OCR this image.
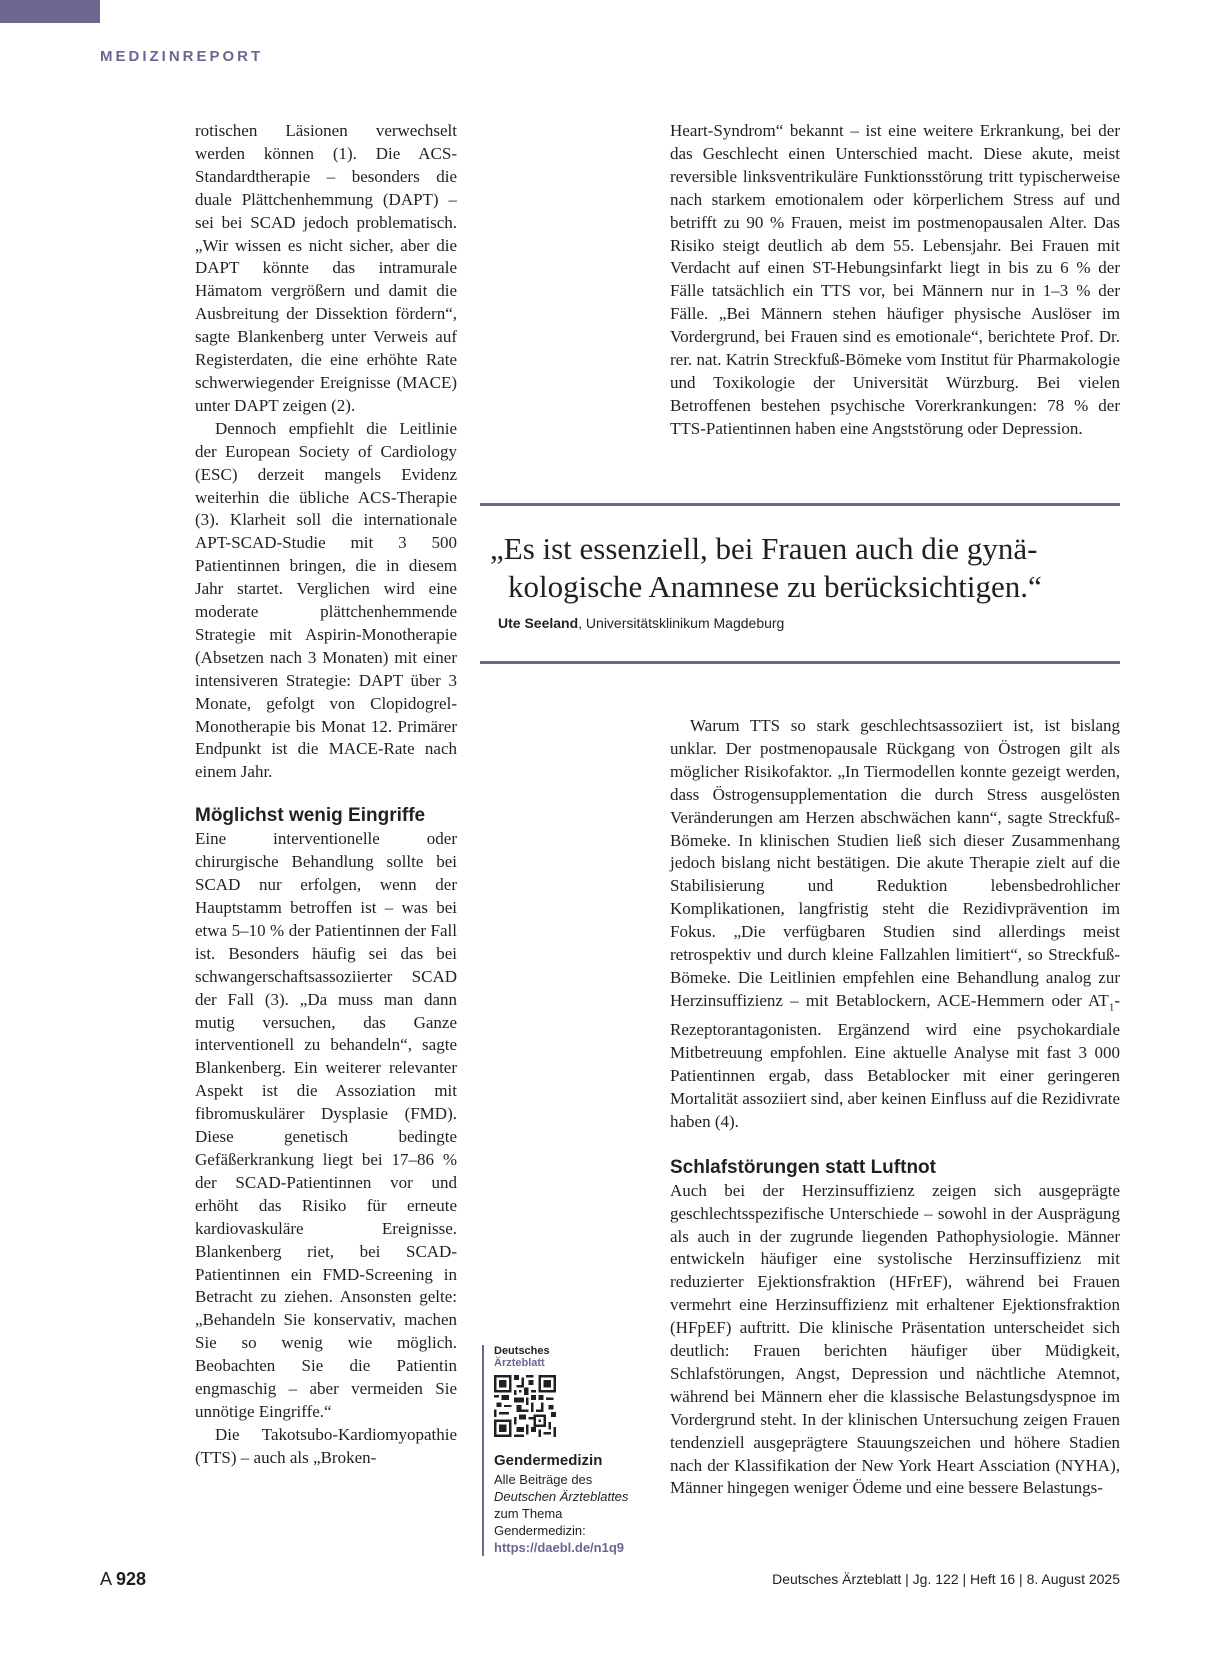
MEDIZINREPORT

rotischen Läsionen verwechselt werden können (1). Die ACS-Standardtherapie – besonders die duale Plättchenhemmung (DAPT) – sei bei SCAD jedoch problematisch. „Wir wissen es nicht sicher, aber die DAPT könnte das intramurale Hämatom vergrößern und damit die Ausbreitung der Dissektion fördern“, sagte Blankenberg unter Verweis auf Registerdaten, die eine erhöhte Rate schwerwiegender Ereignisse (MACE) unter DAPT zeigen (2).

Dennoch empfiehlt die Leitlinie der European Society of Cardiology (ESC) derzeit mangels Evidenz weiterhin die übliche ACS-Therapie (3). Klarheit soll die internationale APT-SCAD-Studie mit 3 500 Patientinnen bringen, die in diesem Jahr startet. Verglichen wird eine moderate plättchenhemmende Strategie mit Aspirin-Monotherapie (Absetzen nach 3 Monaten) mit einer intensiveren Strategie: DAPT über 3 Monate, gefolgt von Clopidogrel-Monotherapie bis Monat 12. Primärer Endpunkt ist die MACE-Rate nach einem Jahr.

Möglichst wenig Eingriffe

Eine interventionelle oder chirurgische Behandlung sollte bei SCAD nur erfolgen, wenn der Hauptstamm betroffen ist – was bei etwa 5–10 % der Patientinnen der Fall ist. Besonders häufig sei das bei schwangerschaftsassoziierter SCAD der Fall (3). „Da muss man dann mutig versuchen, das Ganze interventionell zu behandeln“, sagte Blankenberg. Ein weiterer relevanter Aspekt ist die Assoziation mit fibromuskulärer Dysplasie (FMD). Diese genetisch bedingte Gefäßerkrankung liegt bei 17–86 % der SCAD-Patientinnen vor und erhöht das Risiko für erneute kardiovaskuläre Ereignisse. Blankenberg riet, bei SCAD-Patientinnen ein FMD-Screening in Betracht zu ziehen. Ansonsten gelte: „Behandeln Sie konservativ, machen Sie so wenig wie möglich. Beobachten Sie die Patientin engmaschig – aber vermeiden Sie unnötige Eingriffe.“

Die Takotsubo-Kardiomyopathie (TTS) – auch als „Broken-

Heart-Syndrom“ bekannt – ist eine weitere Erkrankung, bei der das Geschlecht einen Unterschied macht. Diese akute, meist reversible linksventrikuläre Funktionsstörung tritt typischerweise nach starkem emotionalem oder körperlichem Stress auf und betrifft zu 90 % Frauen, meist im postmenopausalen Alter. Das Risiko steigt deutlich ab dem 55. Lebensjahr. Bei Frauen mit Verdacht auf einen ST-Hebungsinfarkt liegt in bis zu 6 % der Fälle tatsächlich ein TTS vor, bei Männern nur in 1–3 % der Fälle. „Bei Männern stehen häufiger physische Auslöser im Vordergrund, bei Frauen sind es emotionale“, berichtete Prof. Dr. rer. nat. Katrin Streckfuß-Bömeke vom Institut für Pharmakologie und Toxikologie der Universität Würzburg. Bei vielen Betroffenen bestehen psychische Vorerkrankungen: 78 % der TTS-Patientinnen haben eine Angststörung oder Depression.

„Es ist essenziell, bei Frauen auch die gynä-
kologische Anamnese zu berücksichtigen.“
Ute Seeland, Universitätsklinikum Magdeburg

Warum TTS so stark geschlechtsassoziiert ist, ist bislang unklar. Der postmenopausale Rückgang von Östrogen gilt als möglicher Risikofaktor. „In Tiermodellen konnte gezeigt werden, dass Östrogensupplementation die durch Stress ausgelösten Veränderungen am Herzen abschwächen kann“, sagte Streckfuß-Bömeke. In klinischen Studien ließ sich dieser Zusammenhang jedoch bislang nicht bestätigen. Die akute Therapie zielt auf die Stabilisierung und Reduktion lebensbedrohlicher Komplikationen, langfristig steht die Rezidivprävention im Fokus. „Die verfügbaren Studien sind allerdings meist retrospektiv und durch kleine Fallzahlen limitiert“, so Streckfuß-Bömeke. Die Leitlinien empfehlen eine Behandlung analog zur Herzinsuffizienz – mit Betablockern, ACE-Hemmern oder $AT_1$-Rezeptorantagonisten. Ergänzend wird eine psychokardiale Mitbetreuung empfohlen. Eine aktuelle Analyse mit fast 3 000 Patientinnen ergab, dass Betablocker mit einer geringeren Mortalität assoziiert sind, aber keinen Einfluss auf die Rezidivrate haben (4).

Schlafstörungen statt Luftnot

Auch bei der Herzinsuffizienz zeigen sich ausgeprägte geschlechtsspezifische Unterschiede – sowohl in der Ausprägung als auch in der zugrunde liegenden Pathophysiologie. Männer entwickeln häufiger eine systolische Herzinsuffizienz mit reduzierter Ejektionsfraktion (HFrEF), während bei Frauen vermehrt eine Herzinsuffizienz mit erhaltener Ejektionsfraktion (HFpEF) auftritt. Die klinische Präsentation unterscheidet sich deutlich: Frauen berichten häufiger über Müdigkeit, Schlafstörungen, Angst, Depression und nächtliche Atemnot, während bei Männern eher die klassische Belastungsdyspnoe im Vordergrund steht. In der klinischen Untersuchung zeigen Frauen tendenziell ausgeprägtere Stauungszeichen und höhere Stadien nach der Klassifikation der New York Heart Assciation (NYHA), Männer hingegen weniger Ödeme und eine bessere Belastungs-

Deutsches
Ärzteblatt
Gendermedizin
Alle Beiträge des Deutschen Ärzteblattes zum Thema Gendermedizin:
https://daebl.de/n1q9
A 928	Deutsches Ärzteblatt | Jg. 122 | Heft 16 | 8. August 2025
